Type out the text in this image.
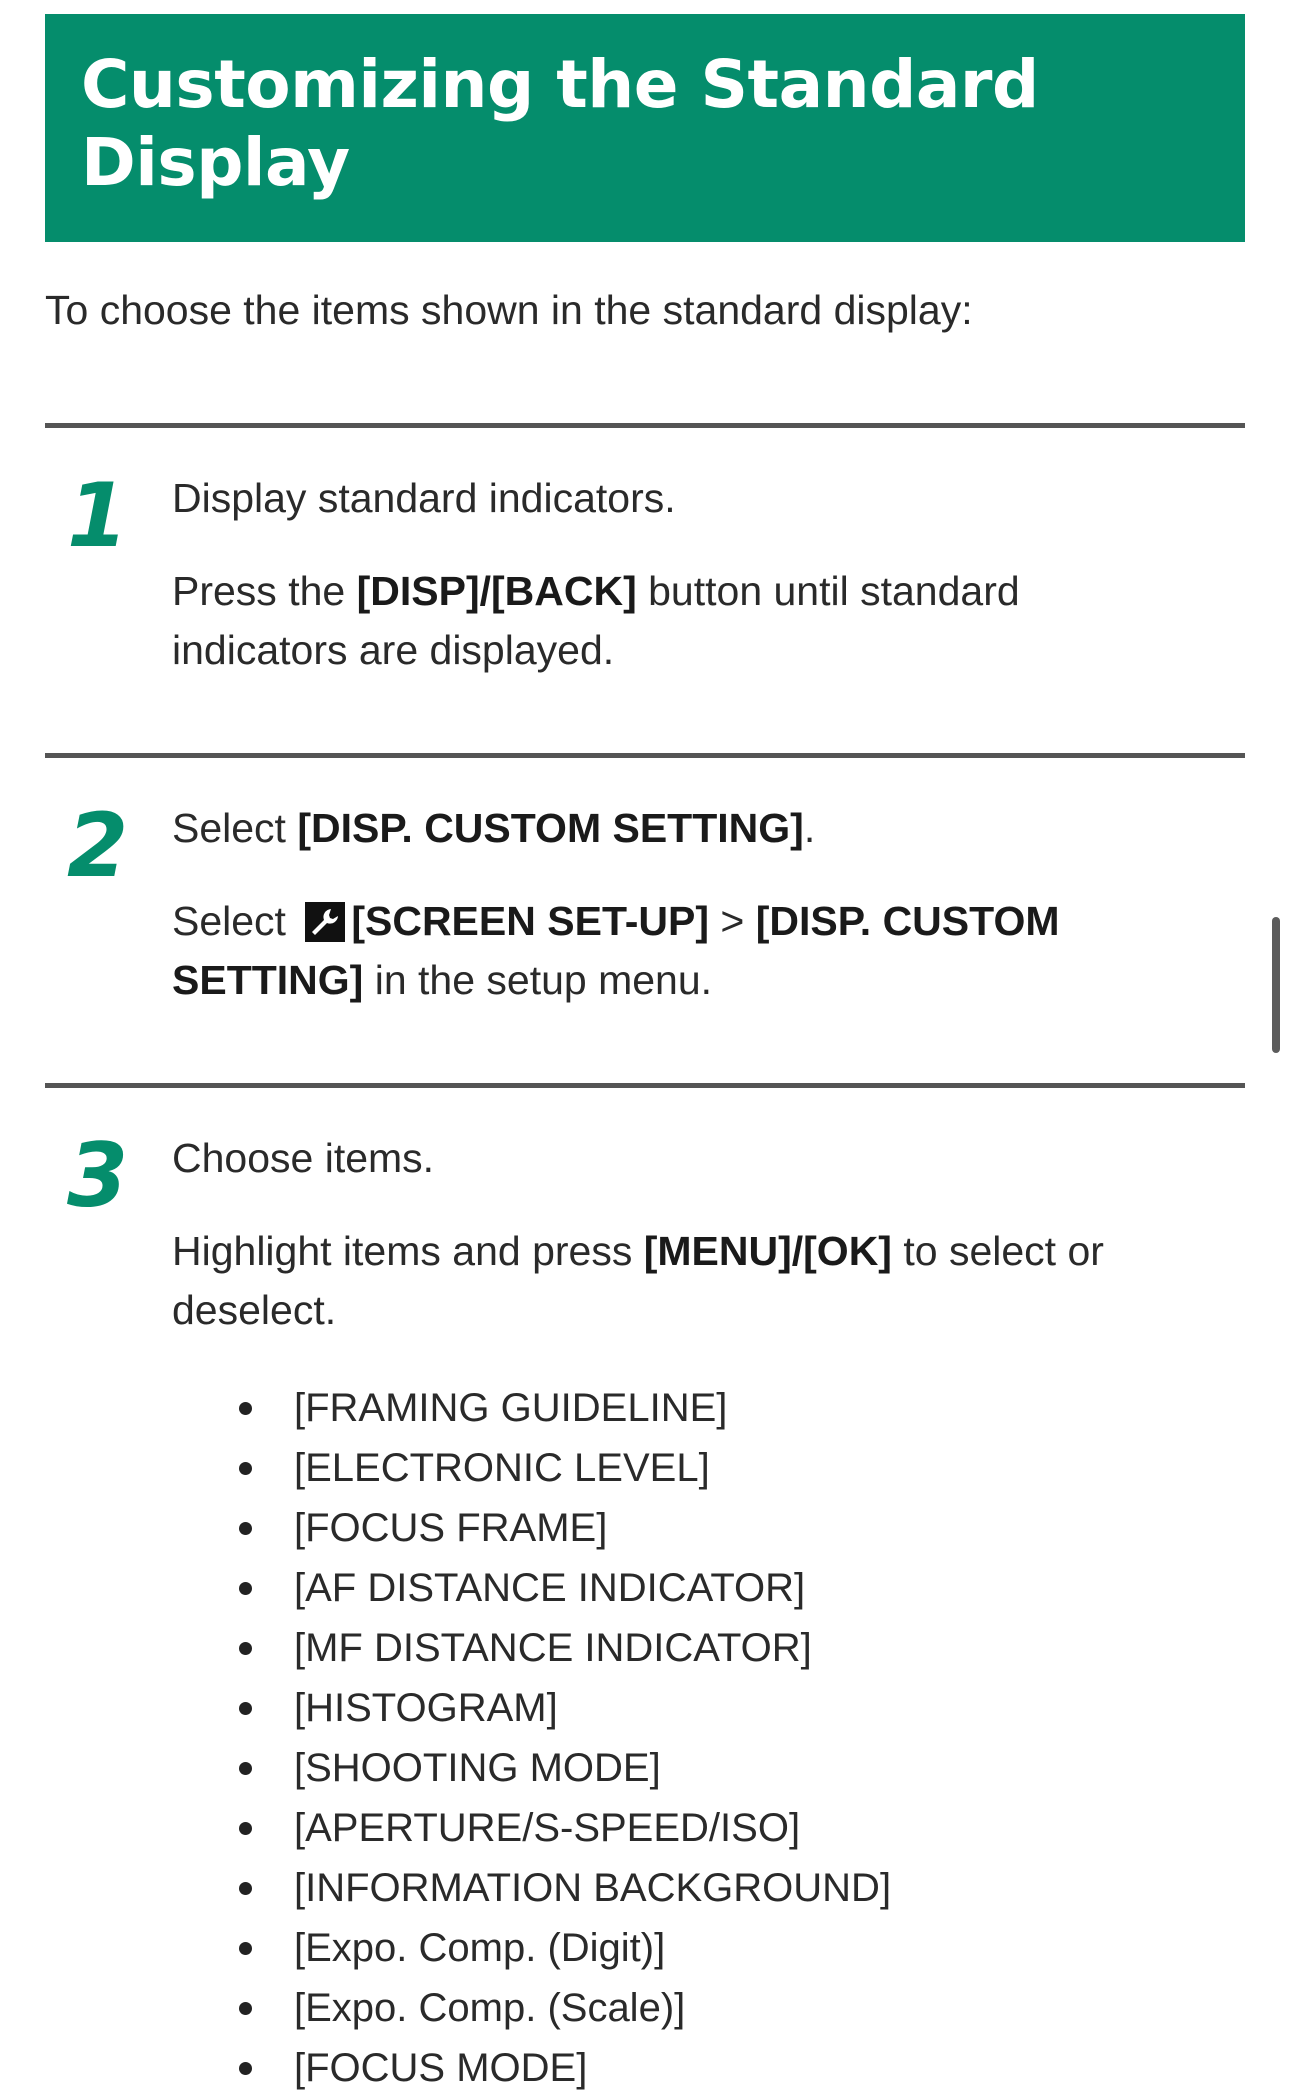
Customizing the Standard Display

To choose the items shown in the standard display:

1	Display standard indicators.

Press the [DISP]/[BACK] button until standard indicators are displayed.

2	Select [DISP. CUSTOM SETTING].

Select
[SCREEN SET-UP] > [DISP. CUSTOM SETTING] in the setup menu.

3	Choose items.

Highlight items and press [MENU]/[OK] to select or deselect.

[FRAMING GUIDELINE]
[ELECTRONIC LEVEL]
[FOCUS FRAME]
[AF DISTANCE INDICATOR]
[MF DISTANCE INDICATOR]
[HISTOGRAM]
[SHOOTING MODE]
[APERTURE/S-SPEED/ISO]
[INFORMATION BACKGROUND]
[Expo. Comp. (Digit)]
[Expo. Comp. (Scale)]
[FOCUS MODE]
